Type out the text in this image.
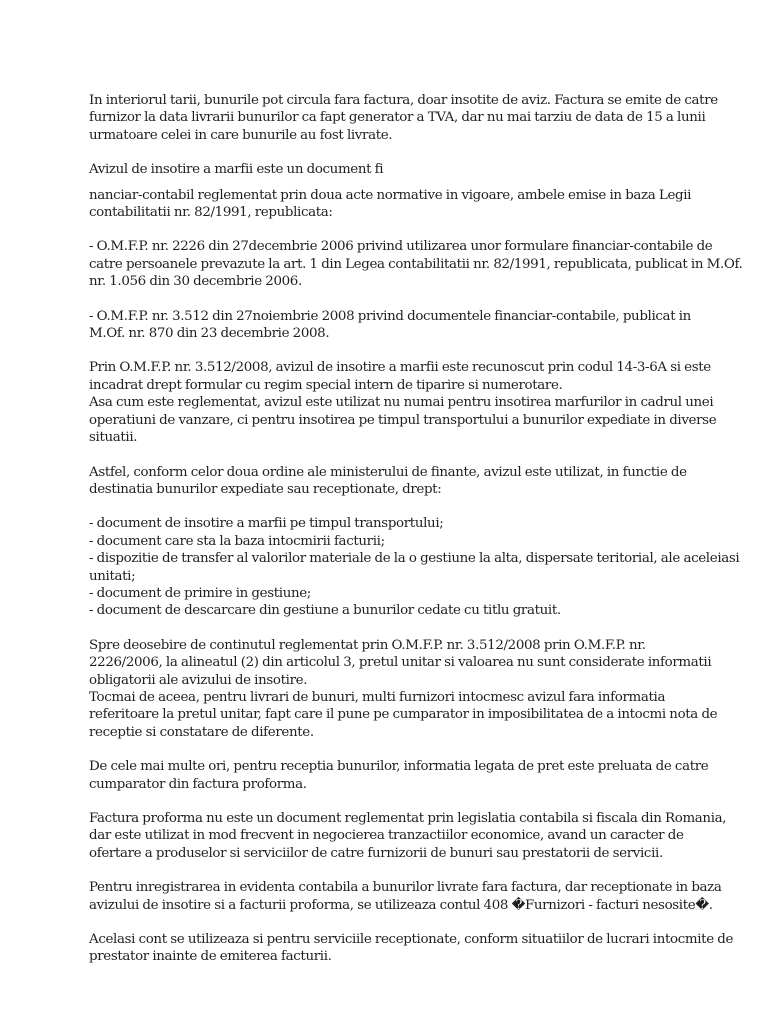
In interiorul tarii, bunurile pot circula fara factura, doar insotite de aviz. Factura se emite de catre

furnizor la data livrarii bunurilor ca fapt generator a TVA, dar nu mai tarziu de data de 15 a lunii

urmatoare celei in care bunurile au fost livrate.

Avizul de insotire a marfii este un document fi

nanciar-contabil reglementat prin doua acte normative in vigoare, ambele emise in baza Legii

contabilitatii nr. 82/1991, republicata:

- O.M.F.P. nr. 2226 din 27decembrie 2006 privind utilizarea unor formulare financiar-contabile de

catre persoanele prevazute la art. 1 din Legea contabilitatii nr. 82/1991, republicata, publicat in M.Of.

nr. 1.056 din 30 decembrie 2006.

- O.M.F.P. nr. 3.512 din 27noiembrie 2008 privind documentele financiar-contabile, publicat in

M.Of. nr. 870 din 23 decembrie 2008.

Prin O.M.F.P. nr. 3.512/2008, avizul de insotire a marfii este recunoscut prin codul 14-3-6A si este

incadrat drept formular cu regim special intern de tiparire si numerotare.

Asa cum este reglementat, avizul este utilizat nu numai pentru insotirea marfurilor in cadrul unei

operatiuni de vanzare, ci pentru insotirea pe timpul transportului a bunurilor expediate in diverse

situatii.

Astfel, conform celor doua ordine ale ministerului de finante, avizul este utilizat, in functie de

destinatia bunurilor expediate sau receptionate, drept:

- document de insotire a marfii pe timpul transportului;

- document care sta la baza intocmirii facturii;

- dispozitie de transfer al valorilor materiale de la o gestiune la alta, dispersate teritorial, ale aceleiasi

unitati;

- document de primire in gestiune;

- document de descarcare din gestiune a bunurilor cedate cu titlu gratuit.

Spre deosebire de continutul reglementat prin O.M.F.P. nr. 3.512/2008 prin O.M.F.P. nr.

2226/2006, la alineatul (2) din articolul 3, pretul unitar si valoarea nu sunt considerate informatii

obligatorii ale avizului de insotire.

Tocmai de aceea, pentru livrari de bunuri, multi furnizori intocmesc avizul fara informatia

referitoare la pretul unitar, fapt care il pune pe cumparator in imposibilitatea de a intocmi nota de

receptie si constatare de diferente.

De cele mai multe ori, pentru receptia bunurilor, informatia legata de pret este preluata de catre

cumparator din factura proforma.

Factura proforma nu este un document reglementat prin legislatia contabila si fiscala din Romania,

dar este utilizat in mod frecvent in negocierea tranzactiilor economice, avand un caracter de

ofertare a produselor si serviciilor de catre furnizorii de bunuri sau prestatorii de servicii.

Pentru inregistrarea in evidenta contabila a bunurilor livrate fara factura, dar receptionate in baza

avizului de insotire si a facturii proforma, se utilizeaza contul 408 �Furnizori - facturi nesosite�.

Acelasi cont se utilizeaza si pentru serviciile receptionate, conform situatiilor de lucrari intocmite de

prestator inainte de emiterea facturii.
